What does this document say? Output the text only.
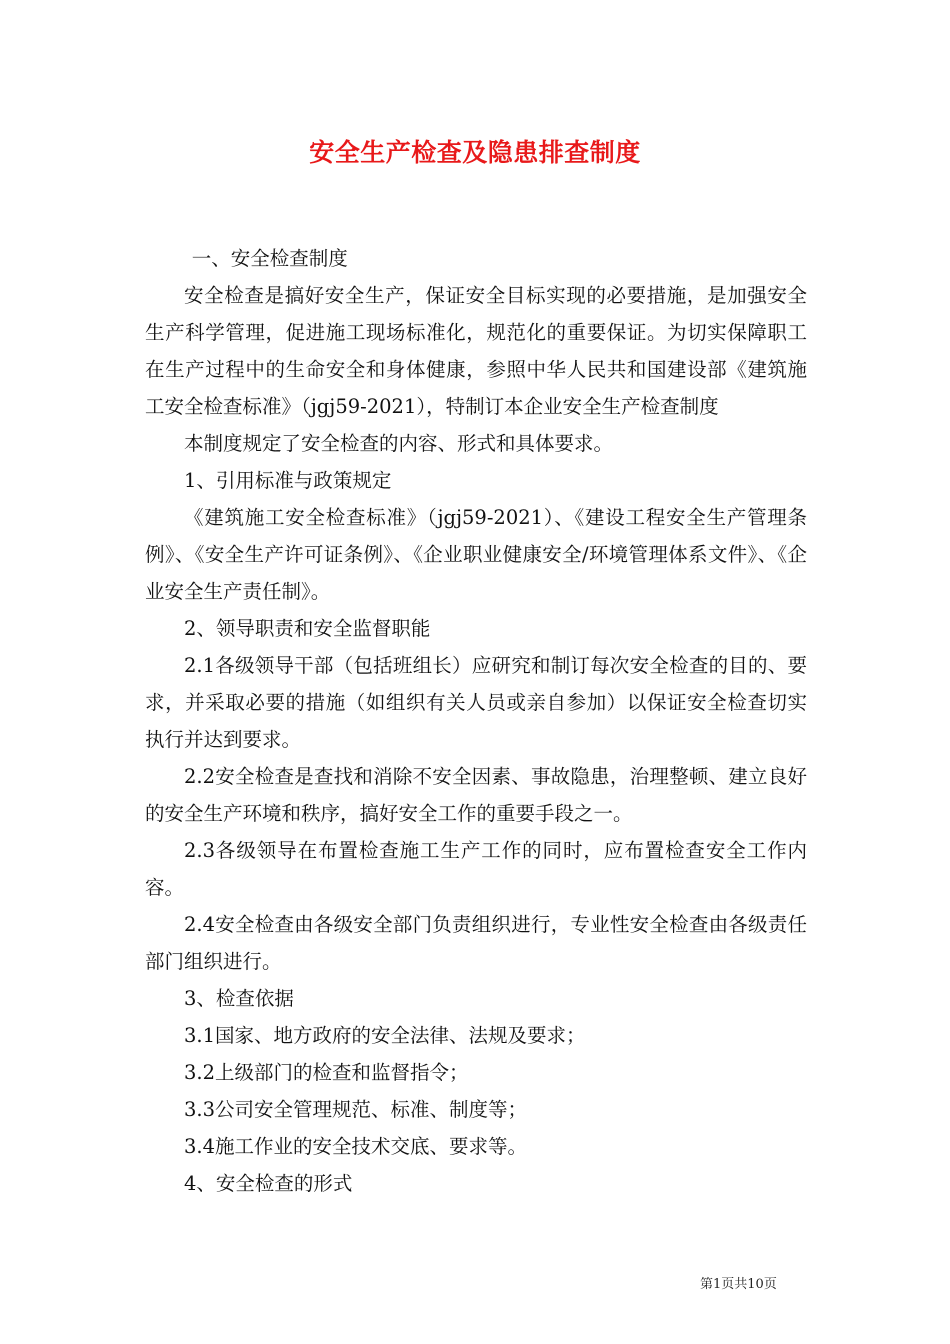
安全生产检查及隐患排查制度

一、安全检查制度

安全检查是搞好安全生产，保证安全目标实现的必要措施，是加强安全生产科学管理，促进施工现场标准化，规范化的重要保证。为切实保障职工在生产过程中的生命安全和身体健康，参照中华人民共和国建设部《建筑施工安全检查标准》（jgj59-2021），特制订本企业安全生产检查制度

本制度规定了安全检查的内容、形式和具体要求。

1、引用标准与政策规定

《建筑施工安全检查标准》（jgj59-2021）、《建设工程安全生产管理条例》、《安全生产许可证条例》、《企业职业健康安全/环境管理体系文件》、《企业安全生产责任制》。

2、领导职责和安全监督职能

2.1各级领导干部（包括班组长）应研究和制订每次安全检查的目的、要求，并采取必要的措施（如组织有关人员或亲自参加）以保证安全检查切实执行并达到要求。

2.2安全检查是查找和消除不安全因素、事故隐患，治理整顿、建立良好的安全生产环境和秩序，搞好安全工作的重要手段之一。

2.3各级领导在布置检查施工生产工作的同时，应布置检查安全工作内容。

2.4安全检查由各级安全部门负责组织进行，专业性安全检查由各级责任部门组织进行。

3、检查依据

3.1国家、地方政府的安全法律、法规及要求；

3.2上级部门的检查和监督指令；

3.3公司安全管理规范、标准、制度等；

3.4施工作业的安全技术交底、要求等。

4、安全检查的形式

第1页共10页
